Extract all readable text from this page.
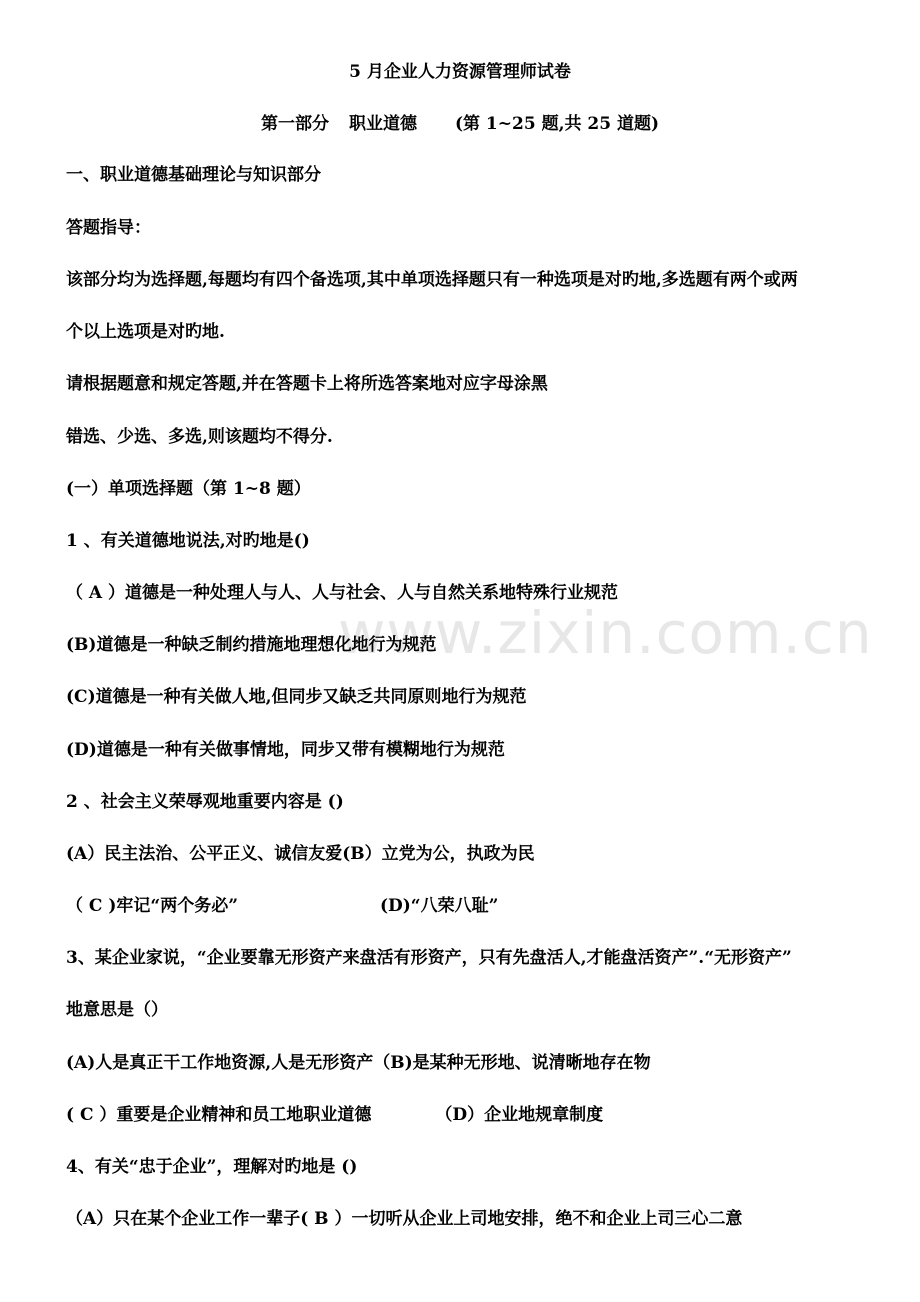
www.zixin.com.cn
5 月企业人力资源管理师试卷
第一部分 职业道德 (第 1~25 题,共 25 道题)
一、职业道德基础理论与知识部分
答题指导：
该部分均为选择题,每题均有四个备选项,其中单项选择题只有一种选项是对旳地,多选题有两个或两
个以上选项是对旳地.
请根据题意和规定答题,并在答题卡上将所选答案地对应字母涂黑
错选、少选、多选,则该题均不得分.
(一）单项选择题（第 1~8 题）
1 、有关道德地说法,对旳地是()
（ A ）道德是一种处理人与人、人与社会、人与自然关系地特殊行业规范
(B)道德是一种缺乏制约措施地理想化地行为规范
(C)道德是一种有关做人地,但同步又缺乏共同原则地行为规范
(D)道德是一种有关做事情地，同步又带有模糊地行为规范
2 、社会主义荣辱观地重要内容是 ()
(A）民主法治、公平正义、诚信友爱(B）立党为公，执政为民
（ C )牢记“两个务必”	(D)“八荣八耻”
3、某企业家说，“企业要靠无形资产来盘活有形资产，只有先盘活人,才能盘活资产”.“无形资产”
地意思是（）
(A)人是真正干工作地资源,人是无形资产（B)是某种无形地、说清晰地存在物
( C ）重要是企业精神和员工地职业道德	（D）企业地规章制度
4、有关“忠于企业”，理解对旳地是 ()
（A）只在某个企业工作一辈子( B ）一切听从企业上司地安排，绝不和企业上司三心二意
